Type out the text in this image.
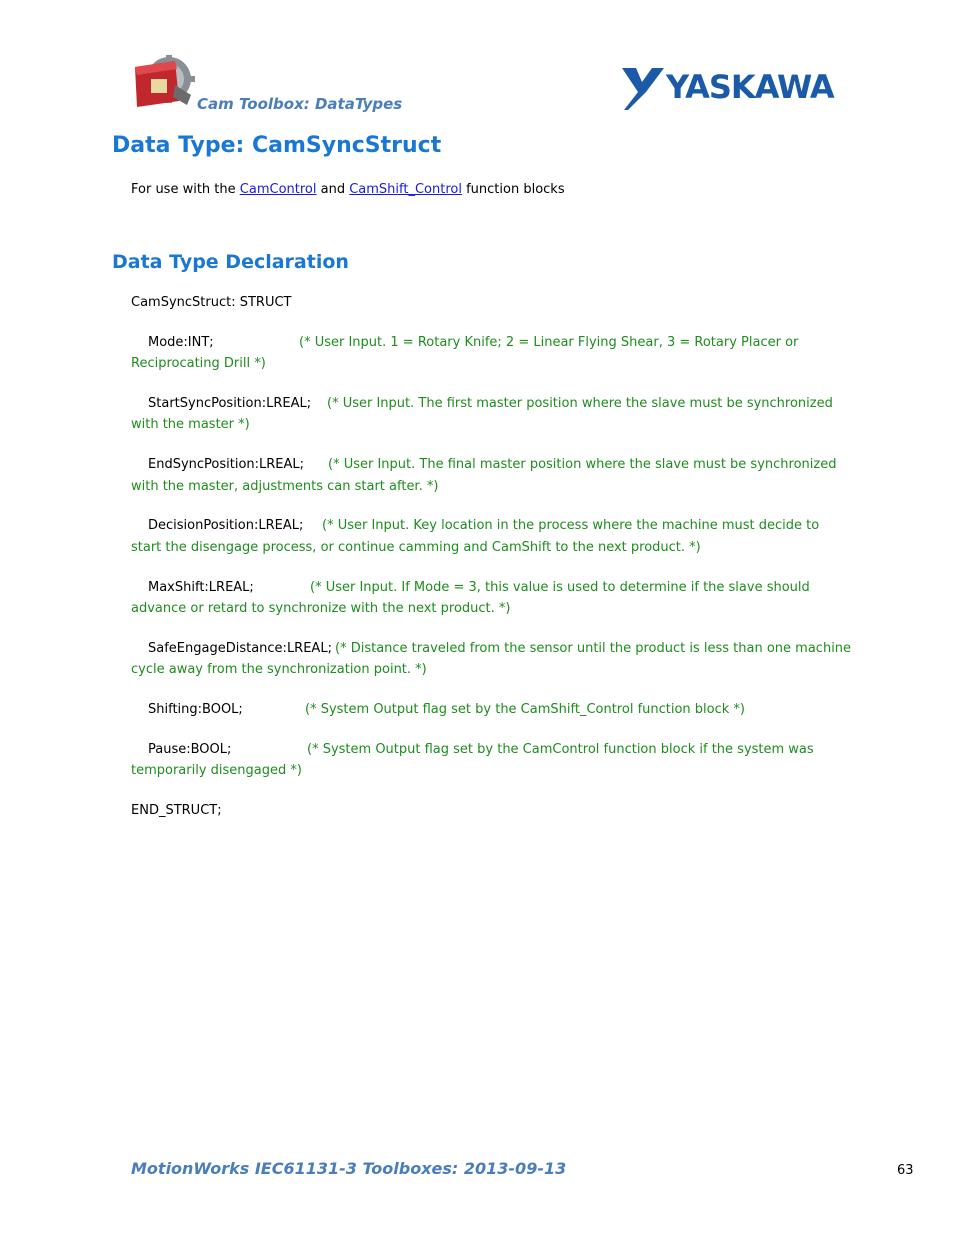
Cam Toolbox: DataTypes	YASKAWA
Data Type: CamSyncStruct
For use with the CamControl and CamShift_Control function blocks
Data Type Declaration
CamSyncStruct: STRUCT
Mode:INT;	(* User Input. 1 = Rotary Knife; 2 = Linear Flying Shear, 3 = Rotary Placer or
Reciprocating Drill *)
StartSyncPosition:LREAL; (* User Input. The first master position where the slave must be synchronized
with the master *)
EndSyncPosition:LREAL; (* User Input. The final master position where the slave must be synchronized
with the master, adjustments can start after. *)
DecisionPosition:LREAL; (* User Input. Key location in the process where the machine must decide to
start the disengage process, or continue camming and CamShift to the next product. *)
MaxShift:LREAL;	(* User Input. If Mode = 3, this value is used to determine if the slave should
advance or retard to synchronize with the next product. *)
SafeEngageDistance:LREAL; (* Distance traveled from the sensor until the product is less than one machine
cycle away from the synchronization point. *)
Shifting:BOOL;	(* System Output flag set by the CamShift_Control function block *)
Pause:BOOL;	(* System Output flag set by the CamControl function block if the system was
temporarily disengaged *)
END_STRUCT;
MotionWorks IEC61131-3 Toolboxes: 2013-09-13	63
